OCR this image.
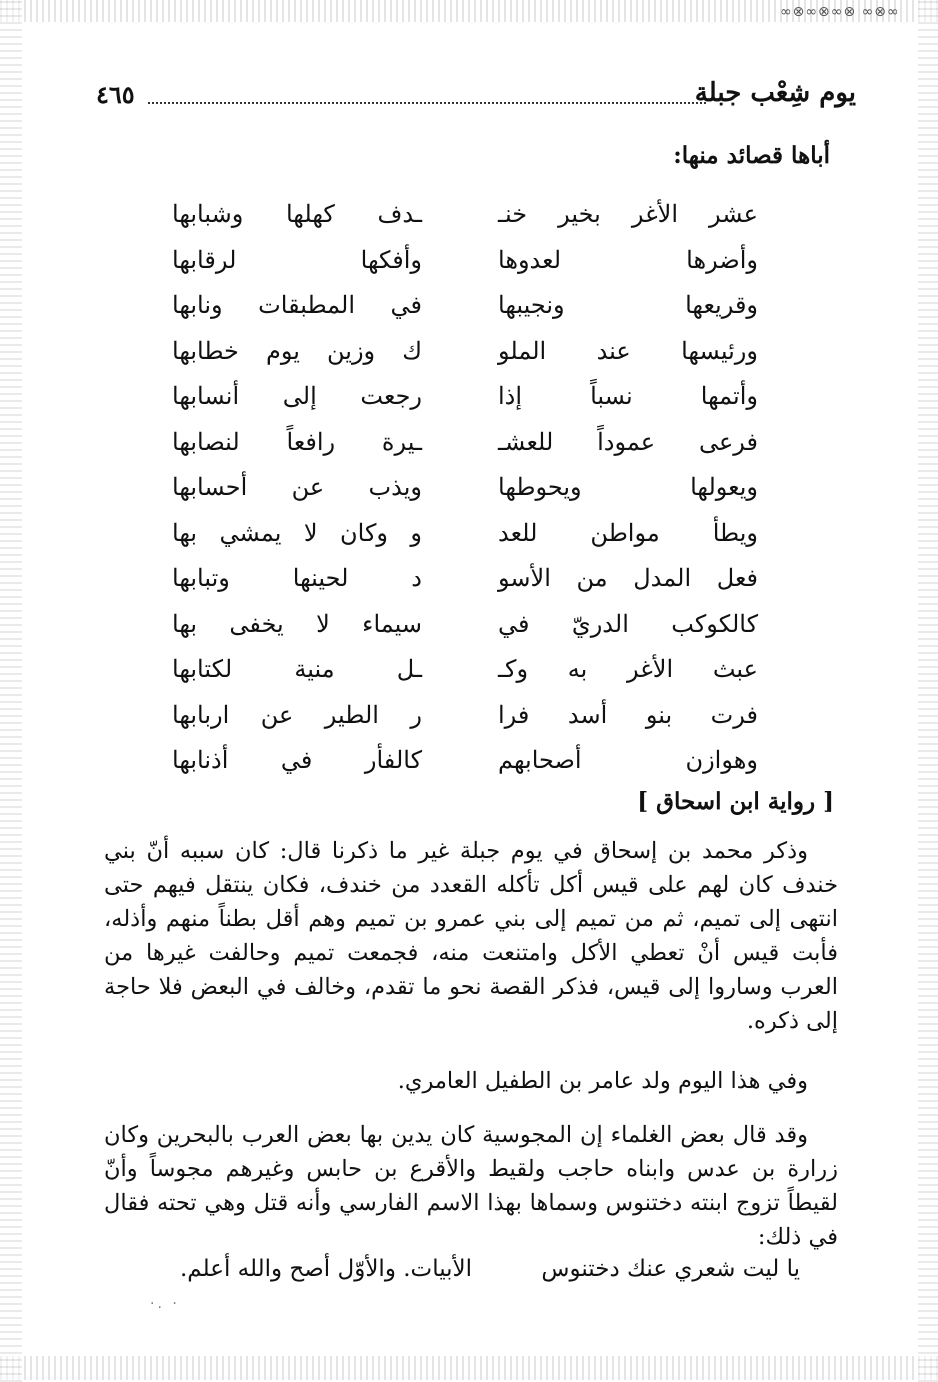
∞⊗∞⊗∞⊗ ∞⊗∞
يوم شِعْب جبلة
٤٦٥
أباها قصائد منها:
عشر الأغر بخير خنـ
ـدف كهلها وشبابها
وأضرها لعدوها
وأفكها لرقابها
وقريعها ونجيبها
في المطبقات ونابها
ورئيسها عند الملو
ك وزين يوم خطابها
وأتمها نسباً إذا
رجعت إلى أنسابها
فرعى عموداً للعشـ
ـيرة رافعاً لنصابها
ويعولها ويحوطها
ويذب عن أحسابها
ويطأ مواطن للعد
و وكان لا يمشي بها
فعل المدل من الأسو
د لحينها وتبابها
كالكوكب الدريّ في
سيماء لا يخفى بها
عبث الأغر به وكـ
ـل منية لكتابها
فرت بنو أسد فرا
ر الطير عن اربابها
وهوازن أصحابهم
كالفأر في أذنابها
[ رواية ابن اسحاق ]

وذكر محمد بن إسحاق في يوم جبلة غير ما ذكرنا قال: كان سببه أنّ بني خندف كان لهم على قيس أكل تأكله القعدد من خندف، فكان ينتقل فيهم حتى انتهى إلى تميم، ثم من تميم إلى بني عمرو بن تميم وهم أقل بطناً منهم وأذله، فأبت قيس أنْ تعطي الأكل وامتنعت منه، فجمعت تميم وحالفت غيرها من العرب وساروا إلى قيس، فذكر القصة نحو ما تقدم، وخالف في البعض فلا حاجة إلى ذكره.

وفي هذا اليوم ولد عامر بن الطفيل العامري.

وقد قال بعض الغلماء إن المجوسية كان يدين بها بعض العرب بالبحرين وكان زرارة بن عدس وابناه حاجب ولقيط والأقرع بن حابس وغيرهم مجوساً وأنّ لقيطاً تزوج ابنته دختنوس وسماها بهذا الاسم الفارسي وأنه قتل وهي تحته فقال في ذلك:

يا ليت شعري عنك دختنوس
الأبيات. والأوّل أصح والله أعلم.
·. ·
